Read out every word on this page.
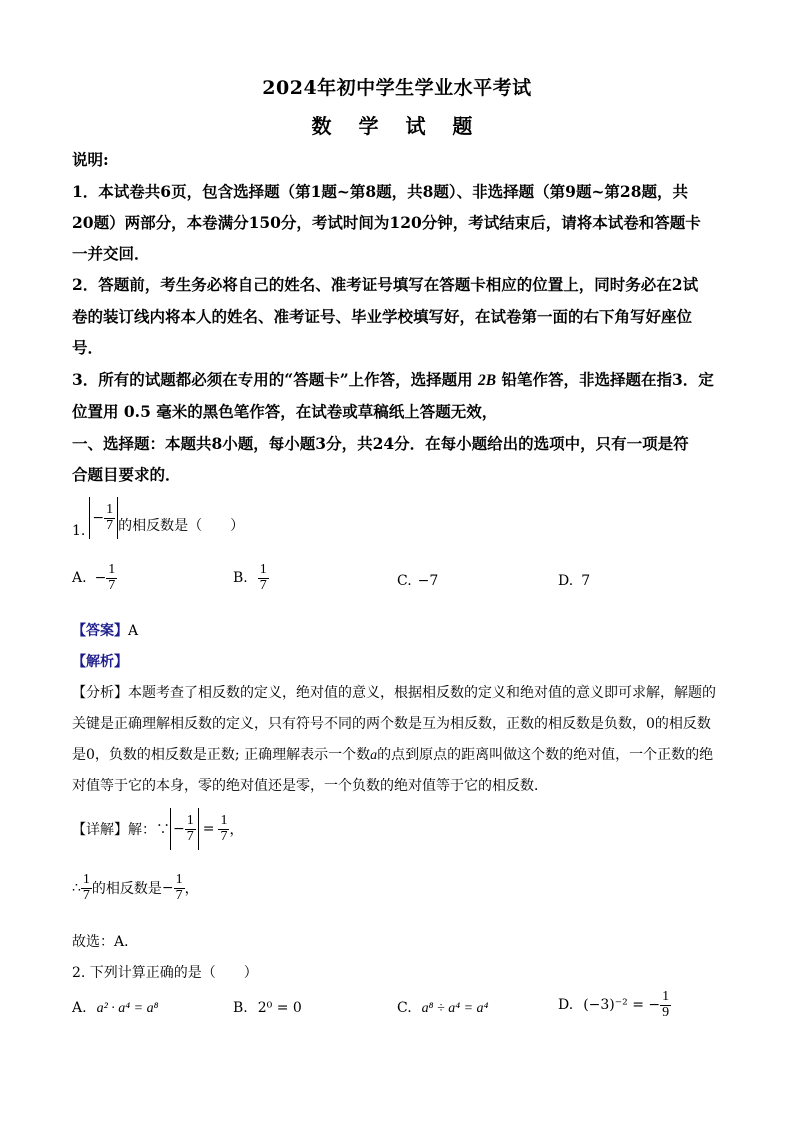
2024年初中学生学业水平考试
数 学 试 题
说明:
1．本试卷共6页，包含选择题（第1题~第8题，共8题）、非选择题（第9题~第28题，共
20题）两部分，本卷满分150分，考试时间为120分钟，考试结束后，请将本试卷和答题卡
一并交回．
2．答题前，考生务必将自己的姓名、准考证号填写在答题卡相应的位置上，同时务必在2试
卷的装订线内将本人的姓名、准考证号、毕业学校填写好，在试卷第一面的右下角写好座位
号．
3．所有的试题都必须在专用的“答题卡”上作答，选择题用 2B 铅笔作答，非选择题在指3．定
位置用 0.5 毫米的黑色笔作答，在试卷或草稿纸上答题无效，
一、选择题：本题共8小题，每小题3分，共24分．在每小题给出的选项中，只有一项是符
合题目要求的．
1.
− $\frac{1}{7}$ 的相反数是（　　）
A. − $\frac{1}{7}$	B. $\frac{1}{7}$	C. −7	D. 7
【答案】A
【解析】
【分析】本题考查了相反数的定义，绝对值的意义，根据相反数的定义和绝对值的意义即可求解，解题的
关键是正确理解相反数的定义，只有符号不同的两个数是互为相反数，正数的相反数是负数，0的相反数
是0，负数的相反数是正数; 正确理解表示一个数a的点到原点的距离叫做这个数的绝对值，一个正数的绝
对值等于它的本身，零的绝对值还是零，一个负数的绝对值等于它的相反数．
【详解】 解：∵ − $\frac{1}{7} = \frac{1}{7}$ ，
∴ $\frac{1}{7}$ 的相反数是 − $\frac{1}{7}$ ，
故选：A．
2. 下列计算正确的是（　　）
A. a² · a⁴ = a⁸	B. 2⁰ = 0	C. a⁸ ÷ a⁴ = a⁴	D. (−3)⁻² = − $\frac{1}{9}$
